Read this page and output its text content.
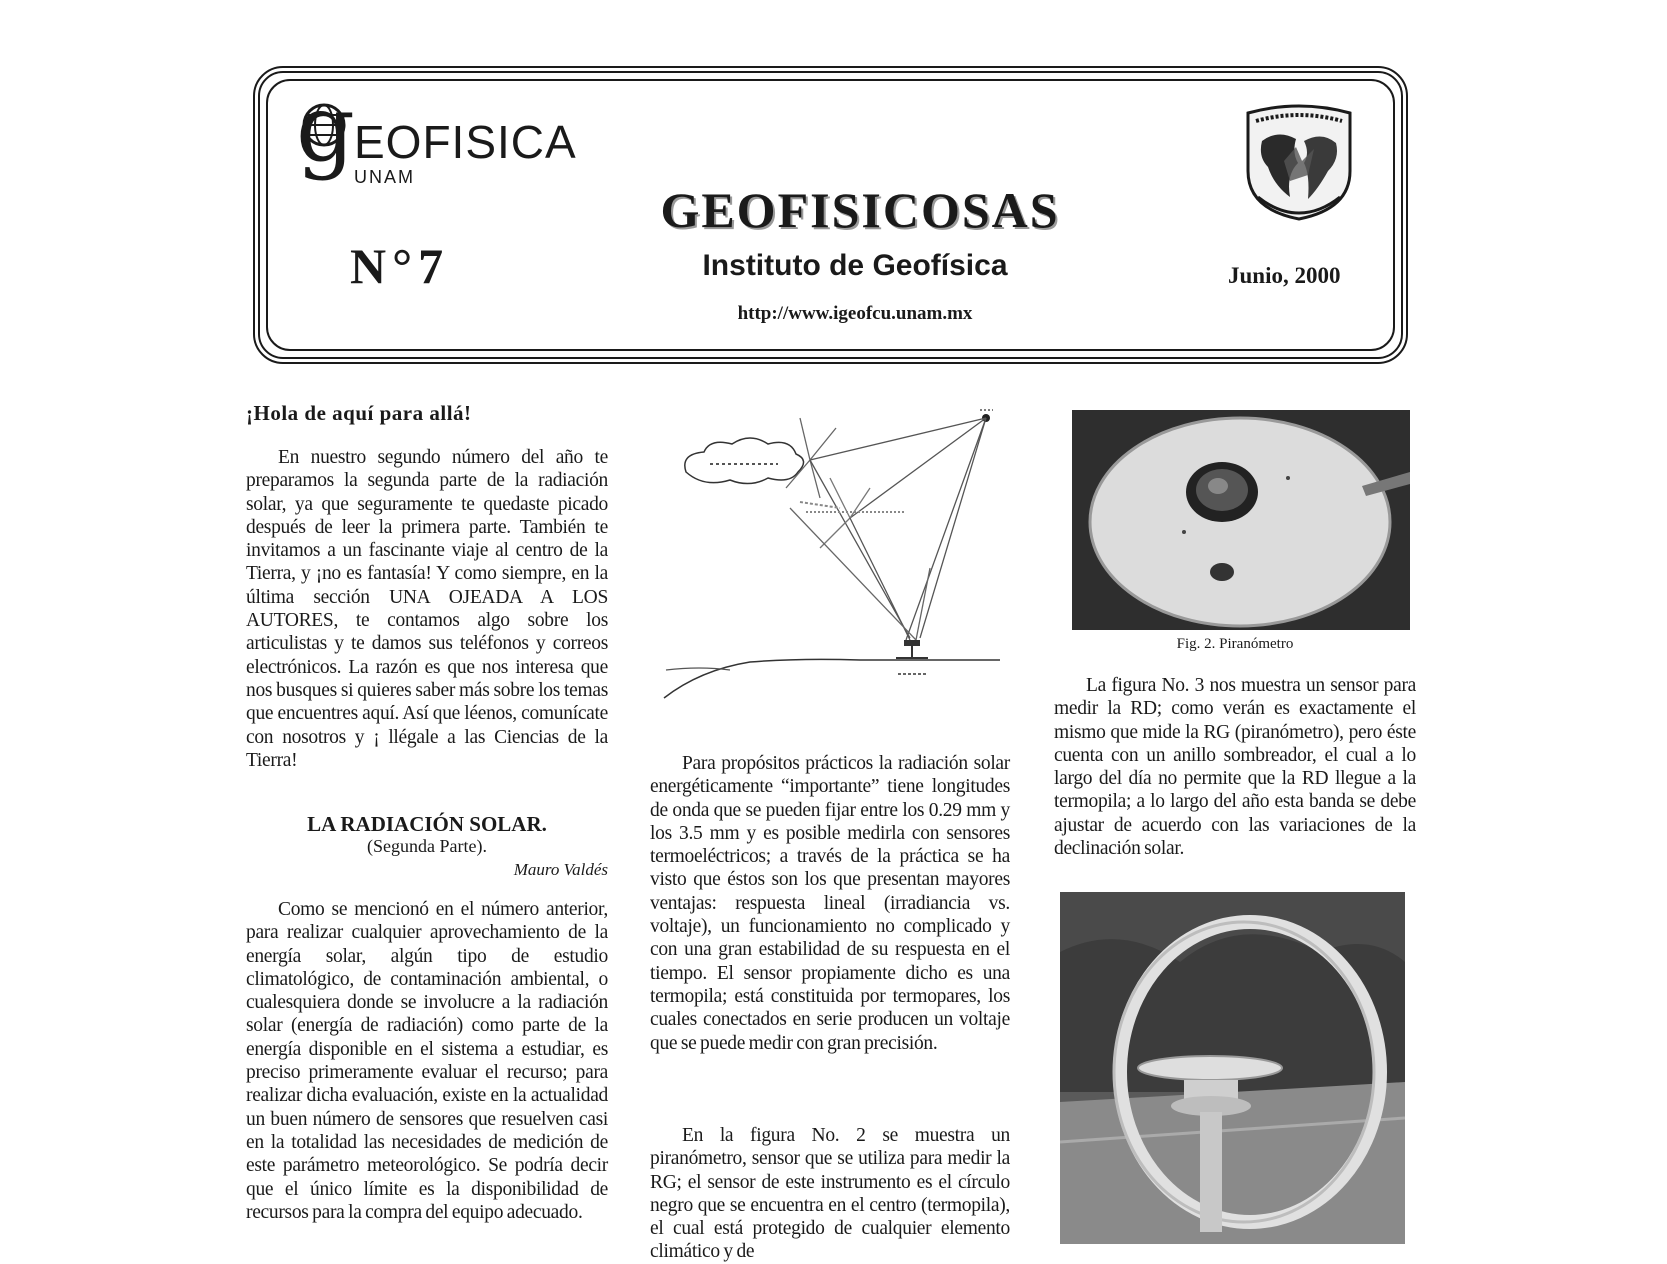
g EOFISICA
UNAM
GEOFISICOSAS
N°7	Instituto de Geofísica	Junio, 2000
http://www.igeofcu.unam.mx
¡Hola de aquí para allá!

En nuestro segundo número del año te preparamos la segunda parte de la radiación solar, ya que seguramente te quedaste picado después de leer la primera parte. También te invitamos a un fascinante viaje al centro de la Tierra, y ¡no es fantasía! Y como siempre, en la última sección UNA OJEADA A LOS AUTORES, te contamos algo sobre los articulistas y te damos sus teléfonos y correos electrónicos. La razón es que nos interesa que nos busques si quieres saber más sobre los temas que encuentres aquí. Así que léenos, comunícate con nosotros y ¡ llégale a las Ciencias de la Tierra!

LA RADIACIÓN SOLAR.
(Segunda Parte).
Mauro Valdés

Como se mencionó en el número anterior, para realizar cualquier aprovechamiento de la energía solar, algún tipo de estudio climatológico, de contaminación ambiental, o cualesquiera donde se involucre a la radiación solar (energía de radiación) como parte de la energía disponible en el sistema a estudiar, es preciso primeramente evaluar el recurso; para realizar dicha evaluación, existe en la actualidad un buen número de sensores que resuelven casi en la totalidad las necesidades de medición de este parámetro meteorológico. Se podría decir que el único límite es la disponibilidad de recursos para la compra del equipo adecuado.

Para propósitos prácticos la radiación solar energéticamente “importante” tiene longitudes de onda que se pueden fijar entre los 0.29 mm y los 3.5 mm y es posible medirla con sensores termoeléctricos; a través de la práctica se ha visto que éstos son los que presentan mayores ventajas: respuesta lineal (irradiancia vs. voltaje), un funcionamiento no complicado y con una gran estabilidad de su respuesta en el tiempo. El sensor propiamente dicho es una termopila; está constituida por termopares, los cuales conectados en serie producen un voltaje que se puede medir con gran precisión.

En la figura No. 2 se muestra un piranómetro, sensor que se utiliza para medir la RG; el sensor de este instrumento es el círculo negro que se encuentra en el centro (termopila), el cual está protegido de cualquier elemento climático y de

Fig. 2. Piranómetro

La figura No. 3 nos muestra un sensor para medir la RD; como verán es exactamente el mismo que mide la RG (piranómetro), pero éste cuenta con un anillo sombreador, el cual a lo largo del día no permite que la RD llegue a la termopila; a lo largo del año esta banda se debe ajustar de acuerdo con las variaciones de la declinación solar.
